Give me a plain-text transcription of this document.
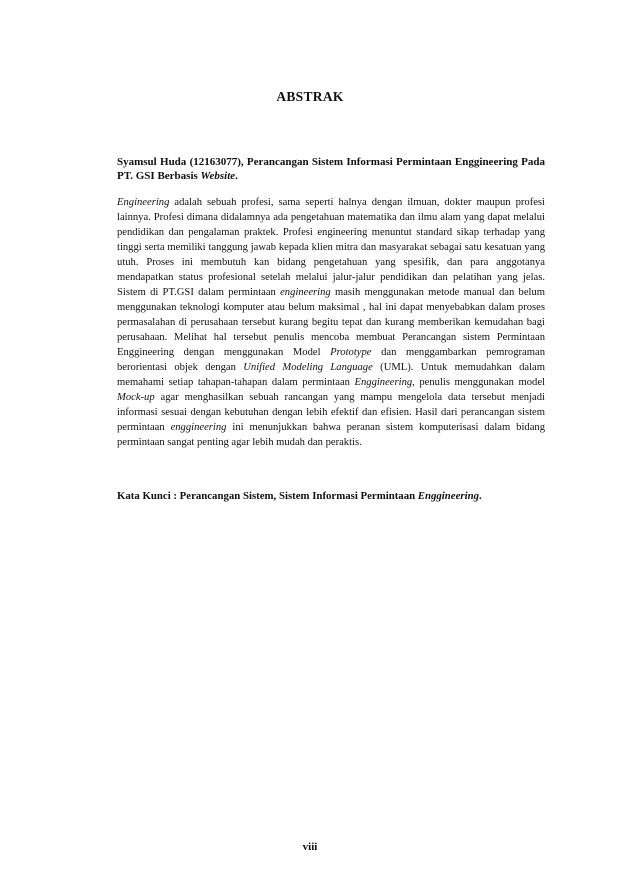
ABSTRAK
Syamsul Huda (12163077), Perancangan Sistem Informasi Permintaan Enggineering Pada PT. GSI Berbasis Website.
Engineering adalah sebuah profesi, sama seperti halnya dengan ilmuan, dokter maupun profesi lainnya. Profesi dimana didalamnya ada pengetahuan matematika dan ilmu alam yang dapat melalui pendidikan dan pengalaman praktek. Profesi engineering menuntut standard sikap terhadap yang tinggi serta memiliki tanggung jawab kepada klien mitra dan masyarakat sebagai satu kesatuan yang utuh. Proses ini membutuh kan bidang pengetahuan yang spesifik, dan para anggotanya mendapatkan status profesional setelah melalui jalur-jalur pendidikan dan pelatihan yang jelas. Sistem di PT.GSI dalam permintaan engineering masih menggunakan metode manual dan belum menggunakan teknologi komputer atau belum maksimal , hal ini dapat menyebabkan dalam proses permasalahan di perusahaan tersebut kurang begitu tepat dan kurang memberikan kemudahan bagi perusahaan. Melihat hal tersebut penulis mencoba membuat Perancangan sistem Permintaan Enggineering dengan menggunakan Model Prototype dan menggambarkan pemrograman berorientasi objek dengan Unified Modeling Language (UML). Untuk memudahkan dalam memahami setiap tahapan-tahapan dalam permintaan Enggineering, penulis menggunakan model Mock-up agar menghasilkan sebuah rancangan yang mampu mengelola data tersebut menjadi informasi sesuai dengan kebutuhan dengan lebih efektif dan efisien. Hasil dari perancangan sistem permintaan enggineering ini menunjukkan bahwa peranan sistem komputerisasi dalam bidang permintaan sangat penting agar lebih mudah dan peraktis.
Kata Kunci : Perancangan Sistem, Sistem Informasi Permintaan Enggineering.
viii
